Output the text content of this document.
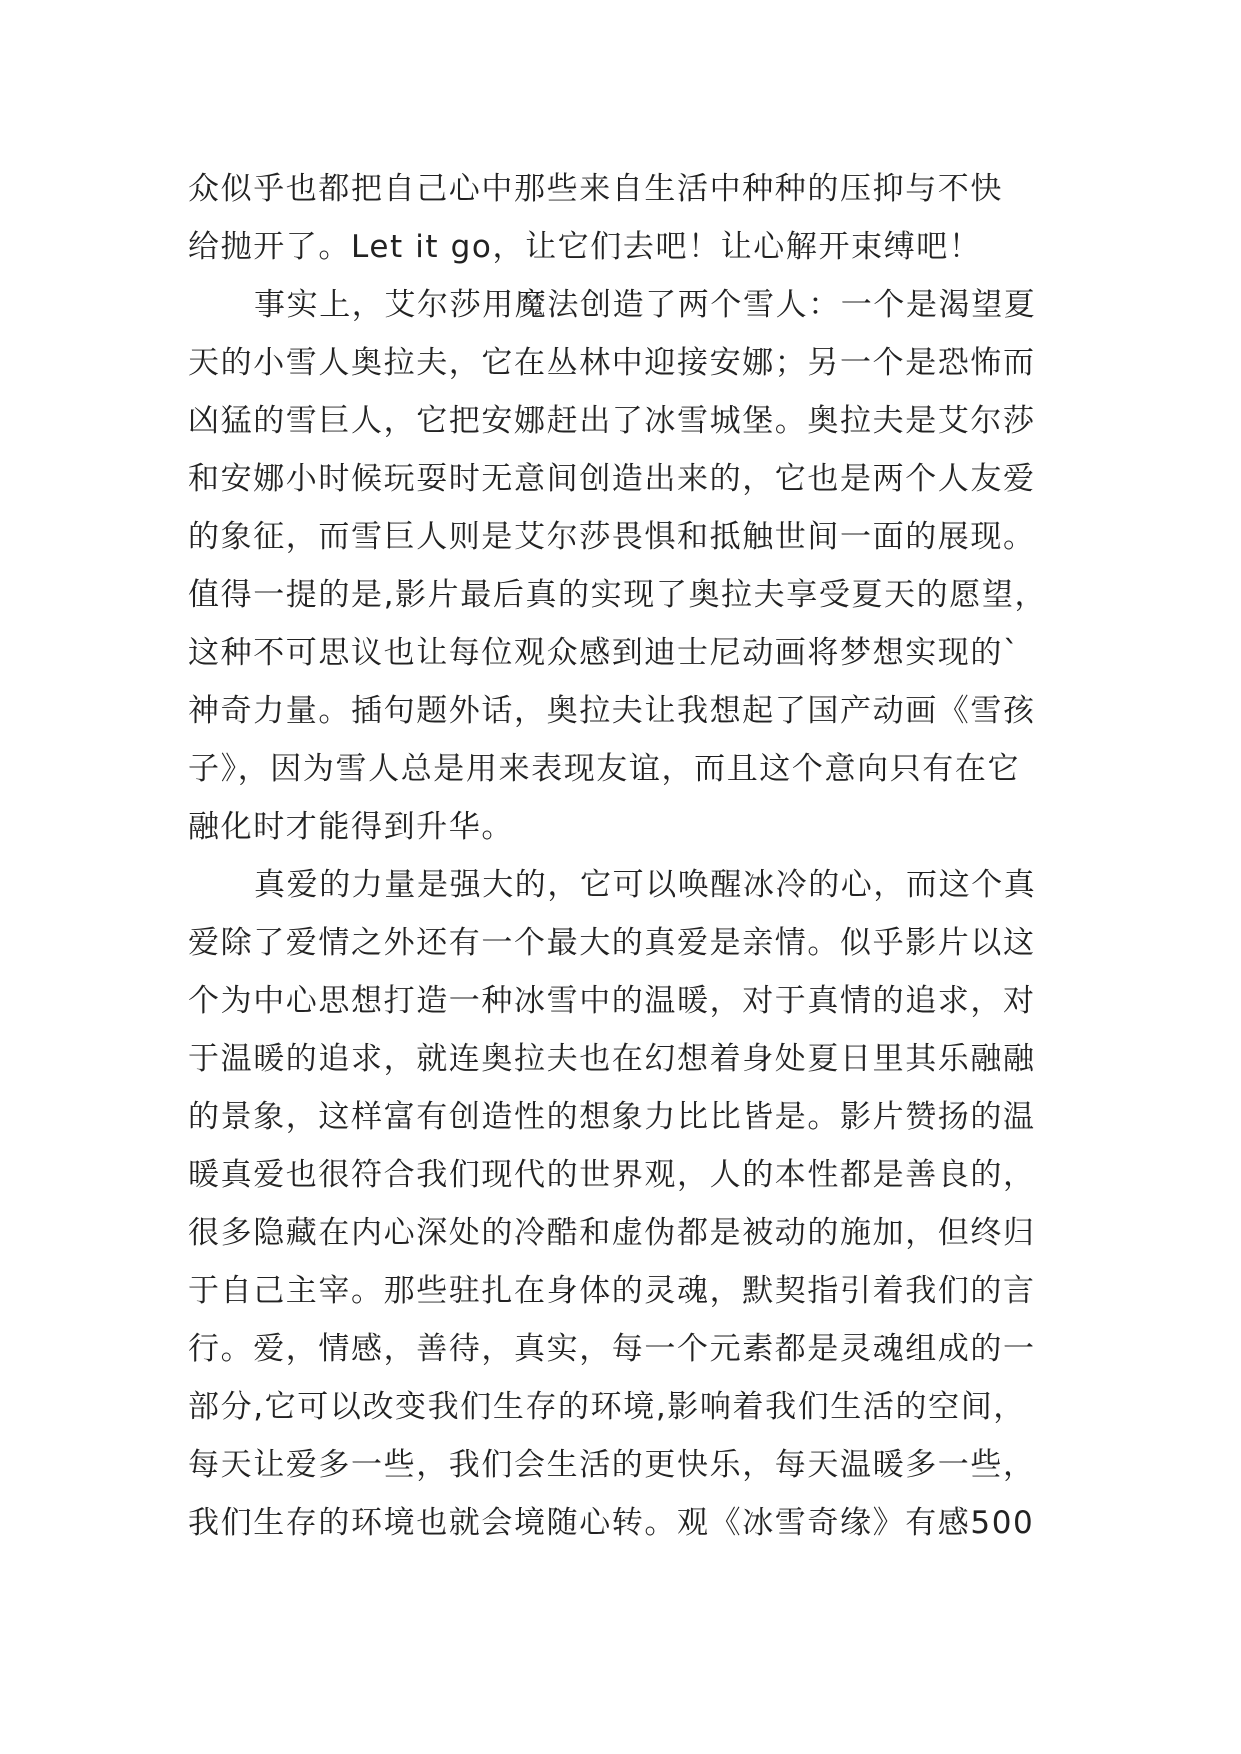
众似乎也都把自己心中那些来自生活中种种的压抑与不快
给抛开了。Let it go，让它们去吧！让心解开束缚吧！
事实上，艾尔莎用魔法创造了两个雪人：一个是渴望夏
天的小雪人奥拉夫，它在丛林中迎接安娜；另一个是恐怖而
凶猛的雪巨人，它把安娜赶出了冰雪城堡。奥拉夫是艾尔莎
和安娜小时候玩耍时无意间创造出来的，它也是两个人友爱
的象征，而雪巨人则是艾尔莎畏惧和抵触世间一面的展现。
值得一提的是,影片最后真的实现了奥拉夫享受夏天的愿望，
这种不可思议也让每位观众感到迪士尼动画将梦想实现的`
神奇力量。插句题外话，奥拉夫让我想起了国产动画《雪孩
子》，因为雪人总是用来表现友谊，而且这个意向只有在它
融化时才能得到升华。
真爱的力量是强大的，它可以唤醒冰冷的心，而这个真
爱除了爱情之外还有一个最大的真爱是亲情。似乎影片以这
个为中心思想打造一种冰雪中的温暖，对于真情的追求，对
于温暖的追求，就连奥拉夫也在幻想着身处夏日里其乐融融
的景象，这样富有创造性的想象力比比皆是。影片赞扬的温
暖真爱也很符合我们现代的世界观，人的本性都是善良的，
很多隐藏在内心深处的冷酷和虚伪都是被动的施加，但终归
于自己主宰。那些驻扎在身体的灵魂，默契指引着我们的言
行。爱，情感，善待，真实，每一个元素都是灵魂组成的一
部分,它可以改变我们生存的环境,影响着我们生活的空间，
每天让爱多一些，我们会生活的更快乐，每天温暖多一些，
我们生存的环境也就会境随心转。观《冰雪奇缘》有感500
